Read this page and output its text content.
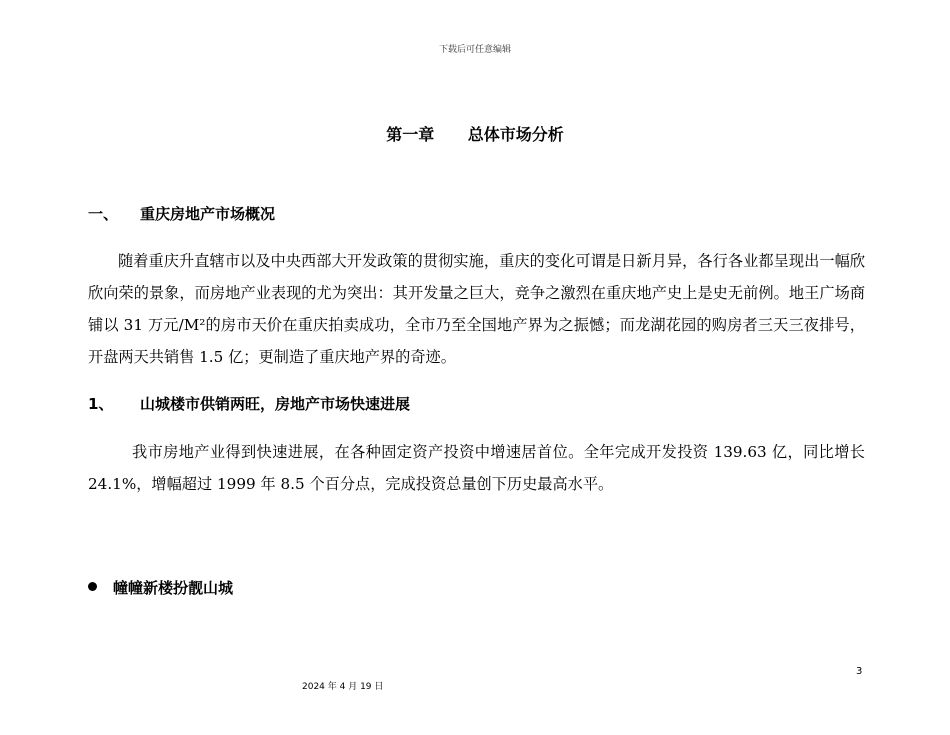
下载后可任意编辑
第一章      总体市场分析
一、 重庆房地产市场概况
随着重庆升直辖市以及中央西部大开发政策的贯彻实施，重庆的变化可谓是日新月异，各行各业都呈现出一幅欣欣向荣的景象，而房地产业表现的尤为突出：其开发量之巨大，竞争之激烈在重庆地产史上是史无前例。地王广场商铺以 31 万元/M²的房市天价在重庆拍卖成功，全市乃至全国地产界为之振憾；而龙湖花园的购房者三天三夜排号，开盘两天共销售 1.5 亿；更制造了重庆地产界的奇迹。
1、 山城楼市供销两旺，房地产市场快速进展
我市房地产业得到快速进展，在各种固定资产投资中增速居首位。全年完成开发投资 139.63 亿，同比增长 24.1%，增幅超过 1999 年 8.5 个百分点，完成投资总量创下历史最高水平。
幢幢新楼扮靓山城
3
2024 年 4 月 19 日
